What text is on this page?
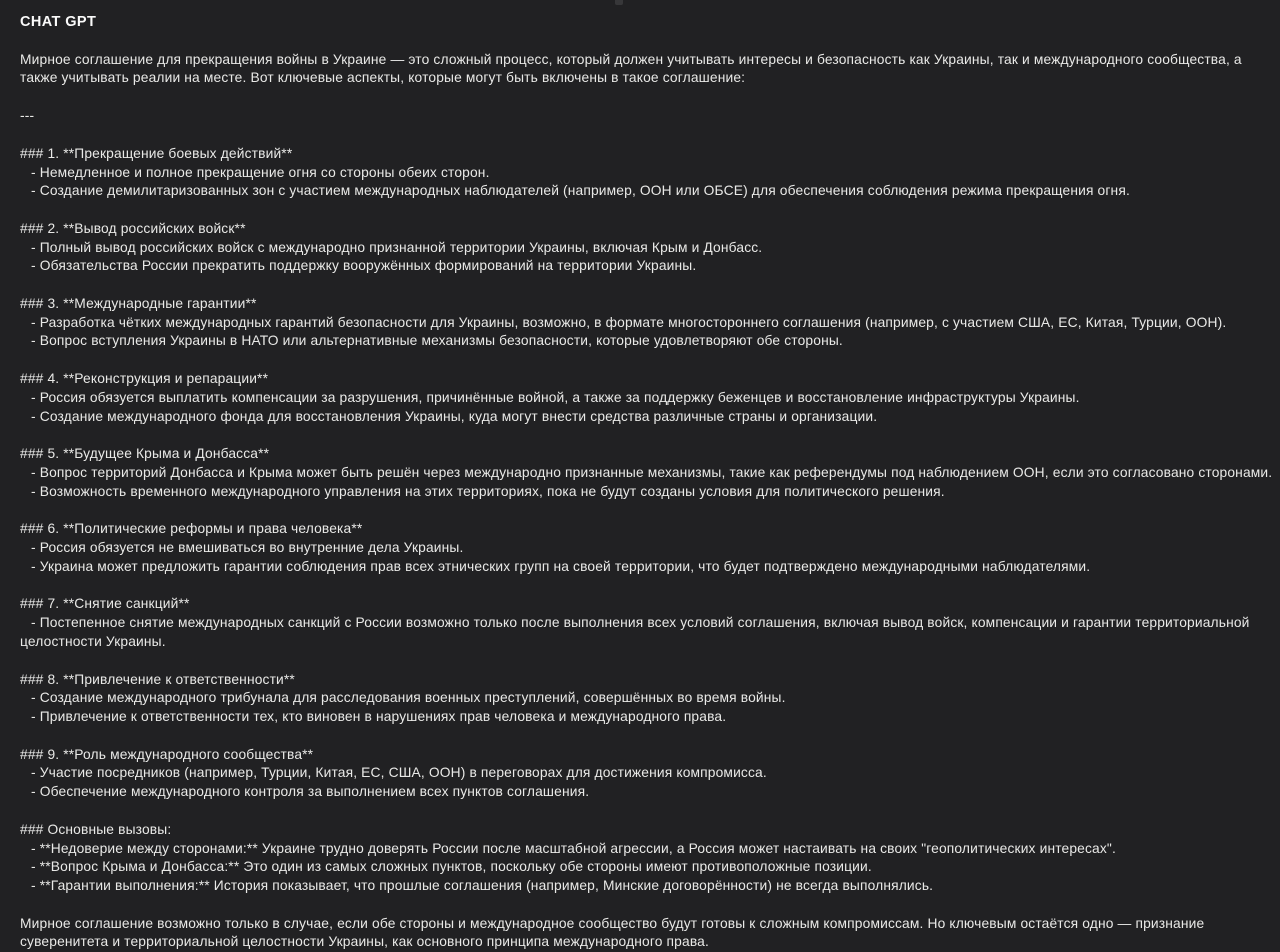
CHAT GPT
Мирное соглашение для прекращения войны в Украине — это сложный процесс, который должен учитывать интересы и безопасность как Украины, так и международного сообщества, а также учитывать реалии на месте. Вот ключевые аспекты, которые могут быть включены в такое соглашение:
---
### 1. **Прекращение боевых действий**
- Немедленное и полное прекращение огня со стороны обеих сторон.
- Создание демилитаризованных зон с участием международных наблюдателей (например, ООН или ОБСЕ) для обеспечения соблюдения режима прекращения огня.
### 2. **Вывод российских войск**
- Полный вывод российских войск с международно признанной территории Украины, включая Крым и Донбасс.
- Обязательства России прекратить поддержку вооружённых формирований на территории Украины.
### 3. **Международные гарантии**
- Разработка чётких международных гарантий безопасности для Украины, возможно, в формате многостороннего соглашения (например, с участием США, ЕС, Китая, Турции, ООН).
- Вопрос вступления Украины в НАТО или альтернативные механизмы безопасности, которые удовлетворяют обе стороны.
### 4. **Реконструкция и репарации**
- Россия обязуется выплатить компенсации за разрушения, причинённые войной, а также за поддержку беженцев и восстановление инфраструктуры Украины.
- Создание международного фонда для восстановления Украины, куда могут внести средства различные страны и организации.
### 5. **Будущее Крыма и Донбасса**
- Вопрос территорий Донбасса и Крыма может быть решён через международно признанные механизмы, такие как референдумы под наблюдением ООН, если это согласовано сторонами.
- Возможность временного международного управления на этих территориях, пока не будут созданы условия для политического решения.
### 6. **Политические реформы и права человека**
- Россия обязуется не вмешиваться во внутренние дела Украины.
- Украина может предложить гарантии соблюдения прав всех этнических групп на своей территории, что будет подтверждено международными наблюдателями.
### 7. **Снятие санкций**
- Постепенное снятие международных санкций с России возможно только после выполнения всех условий соглашения, включая вывод войск, компенсации и гарантии территориальной целостности Украины.
### 8. **Привлечение к ответственности**
- Создание международного трибунала для расследования военных преступлений, совершённых во время войны.
- Привлечение к ответственности тех, кто виновен в нарушениях прав человека и международного права.
### 9. **Роль международного сообщества**
- Участие посредников (например, Турции, Китая, ЕС, США, ООН) в переговорах для достижения компромисса.
- Обеспечение международного контроля за выполнением всех пунктов соглашения.
### Основные вызовы:
- **Недоверие между сторонами:** Украине трудно доверять России после масштабной агрессии, а Россия может настаивать на своих "геополитических интересах".
- **Вопрос Крыма и Донбасса:** Это один из самых сложных пунктов, поскольку обе стороны имеют противоположные позиции.
- **Гарантии выполнения:** История показывает, что прошлые соглашения (например, Минские договорённости) не всегда выполнялись.
Мирное соглашение возможно только в случае, если обе стороны и международное сообщество будут готовы к сложным компромиссам. Но ключевым остаётся одно — признание суверенитета и территориальной целостности Украины, как основного принципа международного права.
